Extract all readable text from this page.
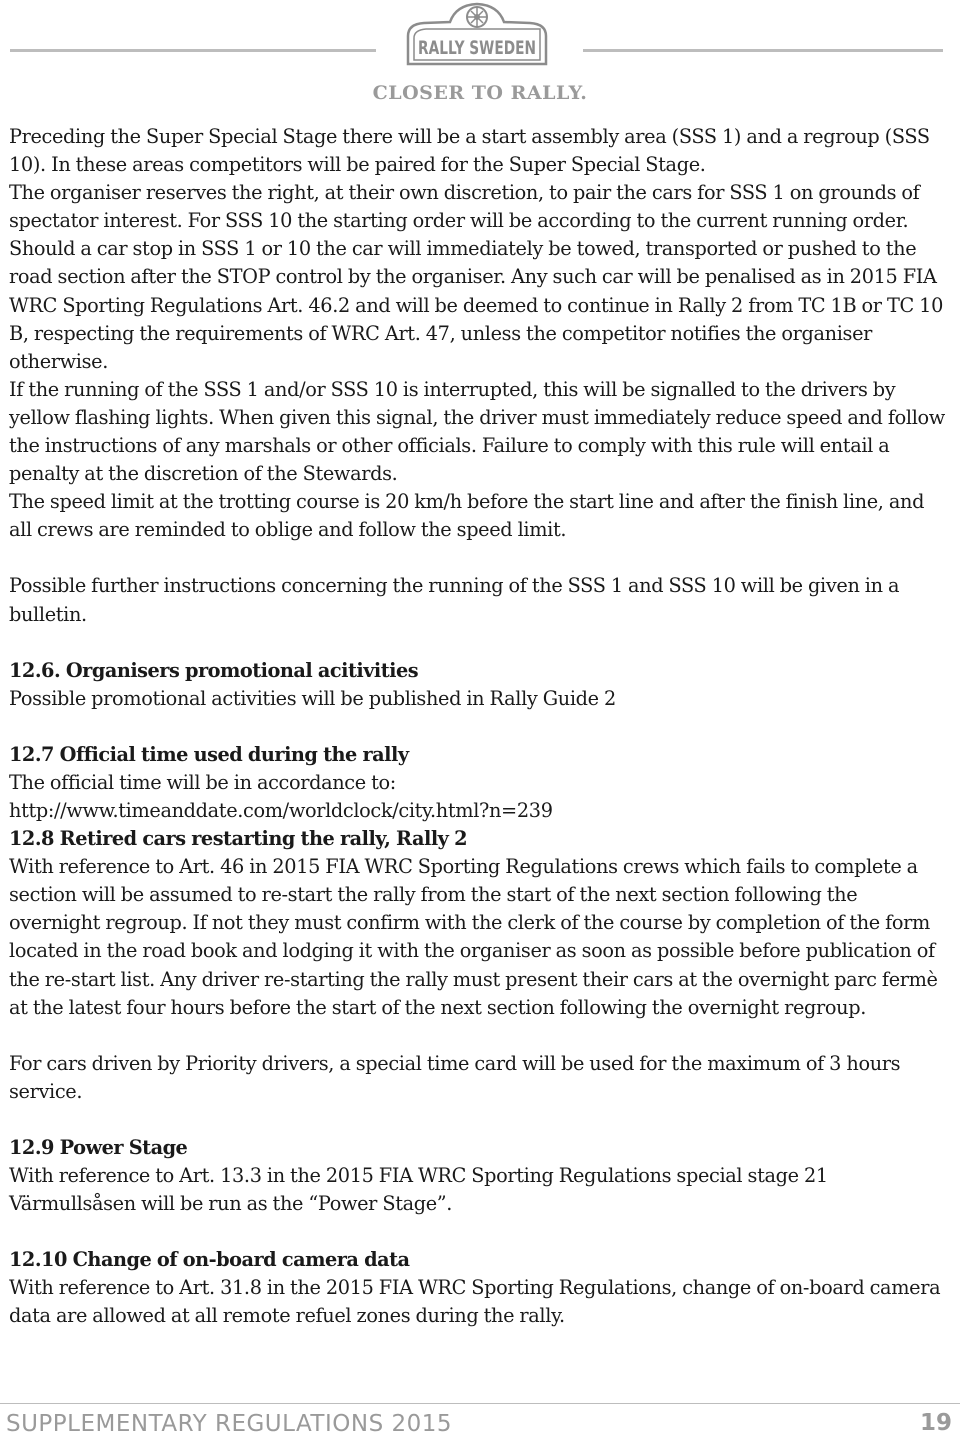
RALLY SWEDEN
CLOSER TO RALLY.

Preceding the Super Special Stage there will be a start assembly area (SSS 1) and a regroup (SSS 10). In these areas competitors will be paired for the Super Special Stage.

The organiser reserves the right, at their own discretion, to pair the cars for SSS 1 on grounds of spectator interest. For SSS 10 the starting order will be according to the current running order.

Should a car stop in SSS 1 or 10 the car will immediately be towed, transported or pushed to the road section after the STOP control by the organiser. Any such car will be penalised as in 2015 FIA WRC Sporting Regulations Art. 46.2 and will be deemed to continue in Rally 2 from TC 1B or TC 10 B, respecting the requirements of WRC Art. 47, unless the competitor notifies the organiser otherwise.

If the running of the SSS 1 and/or SSS 10 is interrupted, this will be signalled to the drivers by yellow flashing lights. When given this signal, the driver must immediately reduce speed and follow the instructions of any marshals or other officials. Failure to comply with this rule will entail a penalty at the discretion of the Stewards.

The speed limit at the trotting course is 20 km/h before the start line and after the finish line, and all crews are reminded to oblige and follow the speed limit.

Possible further instructions concerning the running of the SSS 1 and SSS 10 will be given in a bulletin.

12.6. Organisers promotional acitivities

Possible promotional activities will be published in Rally Guide 2

12.7 Official time used during the rally

The official time will be in accordance to:

http://www.timeanddate.com/worldclock/city.html?n=239

12.8 Retired cars restarting the rally, Rally 2

With reference to Art. 46 in 2015 FIA WRC Sporting Regulations crews which fails to complete a section will be assumed to re-start the rally from the start of the next section following the overnight regroup. If not they must confirm with the clerk of the course by completion of the form located in the road book and lodging it with the organiser as soon as possible before publication of the re-start list. Any driver re-starting the rally must present their cars at the overnight parc fermè at the latest four hours before the start of the next section following the overnight regroup.

For cars driven by Priority drivers, a special time card will be used for the maximum of 3 hours service.

12.9 Power Stage

With reference to Art. 13.3 in the 2015 FIA WRC Sporting Regulations special stage 21 Värmullsåsen will be run as the “Power Stage”.

12.10 Change of on-board camera data

With reference to Art. 31.8 in the 2015 FIA WRC Sporting Regulations, change of on-board camera data are allowed at all remote refuel zones during the rally.

SUPPLEMENTARY REGULATIONS 2015	19
